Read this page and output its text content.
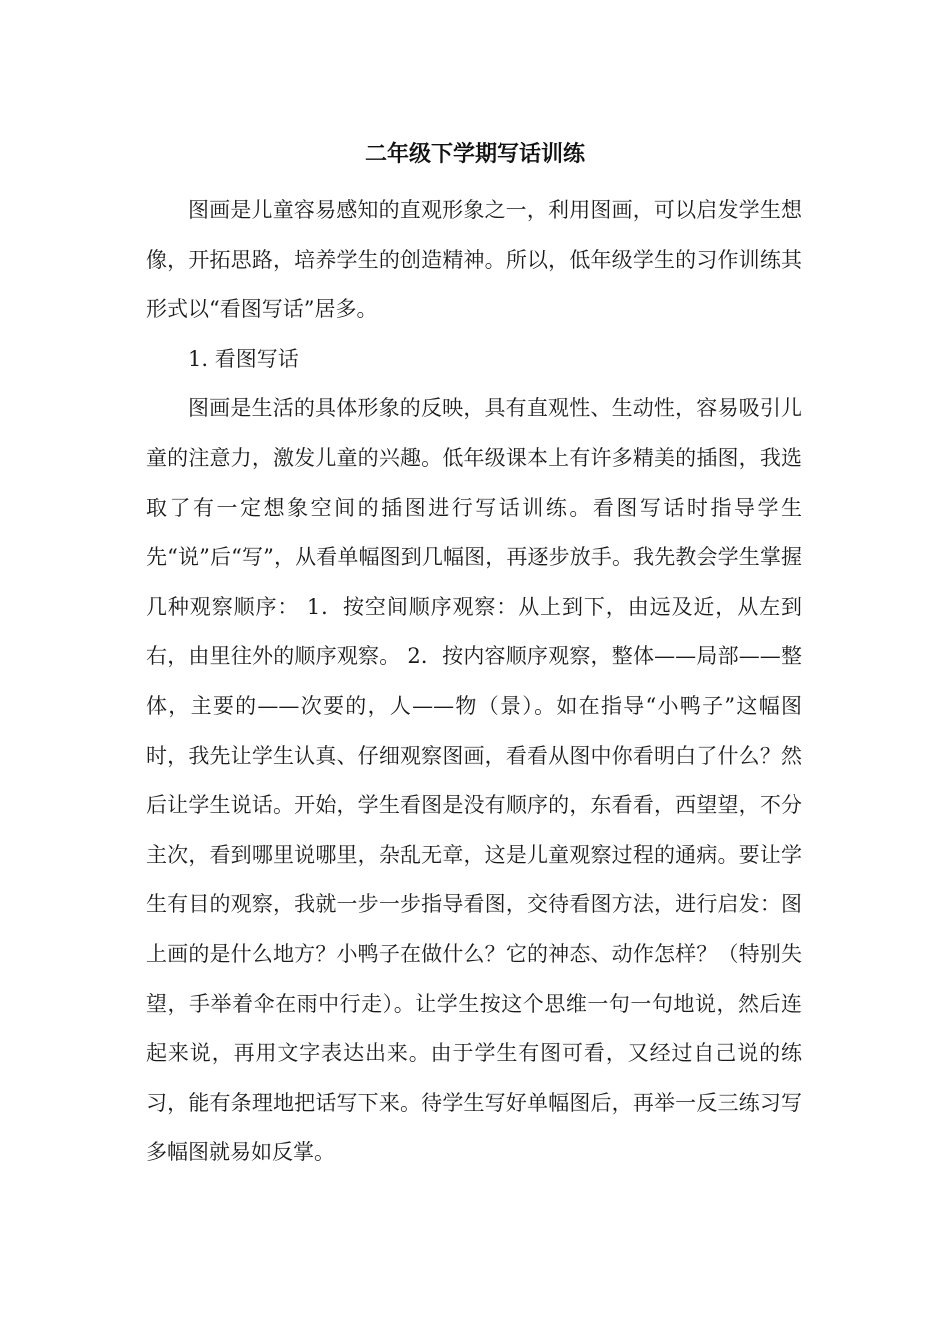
二年级下学期写话训练

图画是儿童容易感知的直观形象之一，利用图画，可以启发学生想像，开拓思路，培养学生的创造精神。所以，低年级学生的习作训练其形式以“看图写话”居多。

1. 看图写话

图画是生活的具体形象的反映，具有直观性、生动性，容易吸引儿童的注意力，激发儿童的兴趣。低年级课本上有许多精美的插图，我选取了有一定想象空间的插图进行写话训练。看图写话时指导学生先“说”后“写”，从看单幅图到几幅图，再逐步放手。我先教会学生掌握几种观察顺序： 1．按空间顺序观察：从上到下，由远及近，从左到右，由里往外的顺序观察。 2．按内容顺序观察，整体——局部——整体，主要的——次要的，人——物（景）。如在指导“小鸭子”这幅图时，我先让学生认真、仔细观察图画，看看从图中你看明白了什么？然后让学生说话。开始，学生看图是没有顺序的，东看看，西望望，不分主次，看到哪里说哪里，杂乱无章，这是儿童观察过程的通病。要让学生有目的观察，我就一步一步指导看图，交待看图方法，进行启发：图上画的是什么地方？小鸭子在做什么？它的神态、动作怎样？（特别失望，手举着伞在雨中行走）。让学生按这个思维一句一句地说，然后连起来说，再用文字表达出来。由于学生有图可看，又经过自己说的练习，能有条理地把话写下来。待学生写好单幅图后，再举一反三练习写多幅图就易如反掌。
